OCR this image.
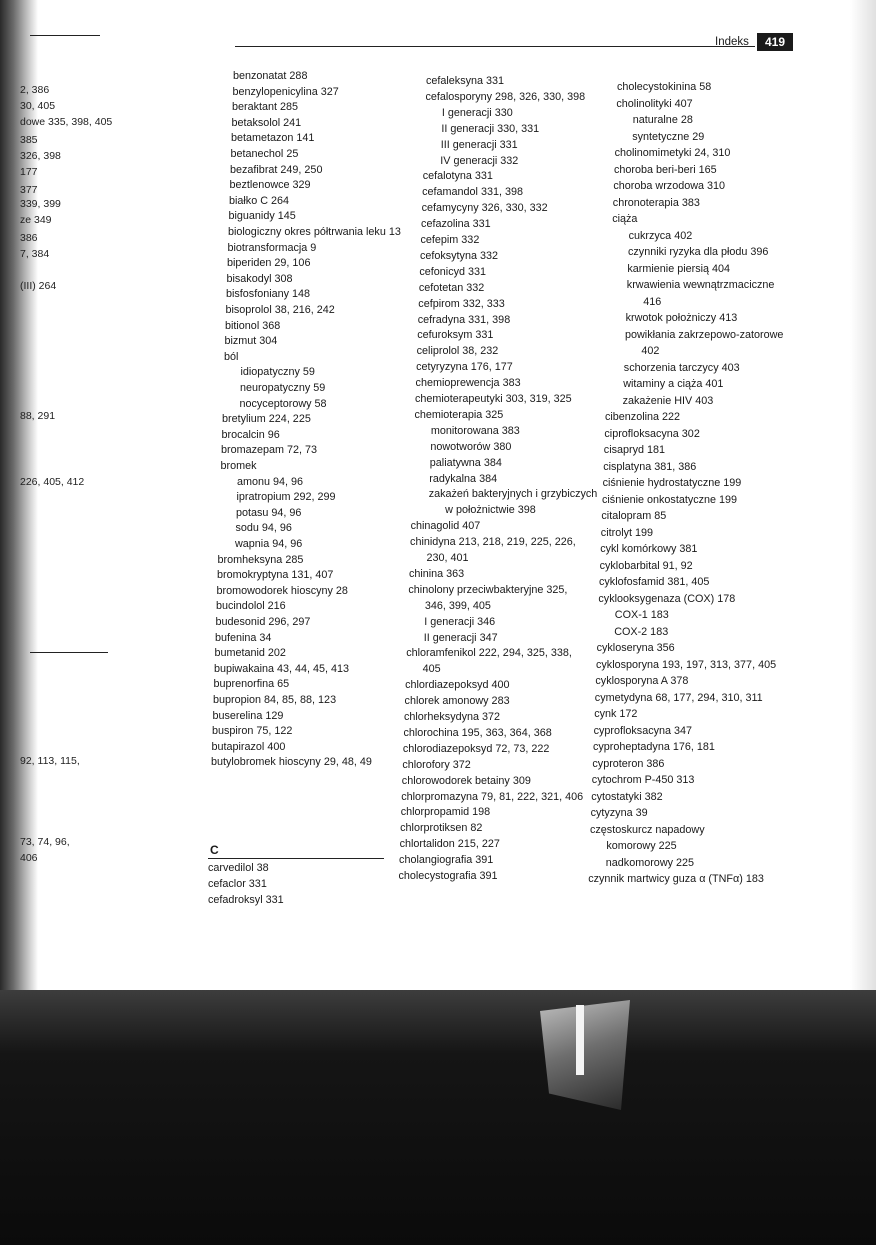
2, 386
30, 405
dowe 335, 398, 405
385
326, 398
177
377
339, 399
ze 349
386
7, 384
(III) 264
88, 291
226, 405, 412
92, 113, 115,
73, 74, 96,
406
Indeks	419
benzonatat 288
benzylopenicylina 327
beraktant 285
betaksolol 241
betametazon 141
betanechol 25
bezafibrat 249, 250
beztlenowce 329
białko C 264
biguanidy 145
biologiczny okres półtrwania leku 13
biotransformacja 9
biperiden 29, 106
bisakodyl 308
bisfosfoniany 148
bisoprolol 38, 216, 242
bitionol 368
bizmut 304
ból
idiopatyczny 59
neuropatyczny 59
nocyceptorowy 58
bretylium 224, 225
brocalcin 96
bromazepam 72, 73
bromek
amonu 94, 96
ipratropium 292, 299
potasu 94, 96
sodu 94, 96
wapnia 94, 96
bromheksyna 285
bromokryptyna 131, 407
bromowodorek hioscyny 28
bucindolol 216
budesonid 296, 297
bufenina 34
bumetanid 202
bupiwakaina 43, 44, 45, 413
buprenorfina 65
bupropion 84, 85, 88, 123
buserelina 129
buspiron 75, 122
butapirazol 400
butylobromek hioscyny 29, 48, 49
C
carvedilol 38
cefaclor 331
cefadroksyl 331
cefaleksyna 331
cefalosporyny 298, 326, 330, 398
I generacji 330
II generacji 330, 331
III generacji 331
IV generacji 332
cefalotyna 331
cefamandol 331, 398
cefamycyny 326, 330, 332
cefazolina 331
cefepim 332
cefoksytyna 332
cefonicyd 331
cefotetan 332
cefpirom 332, 333
cefradyna 331, 398
cefuroksym 331
celiprolol 38, 232
cetyryzyna 176, 177
chemioprewencja 383
chemioterapeutyki 303, 319, 325
chemioterapia 325
monitorowana 383
nowotworów 380
paliatywna 384
radykalna 384
zakażeń bakteryjnych i grzybiczych
w położnictwie 398
chinagolid 407
chinidyna 213, 218, 219, 225, 226,
230, 401
chinina 363
chinolony przeciwbakteryjne 325,
346, 399, 405
I generacji 346
II generacji 347
chloramfenikol 222, 294, 325, 338,
405
chlordiazepoksyd 400
chlorek amonowy 283
chlorheksydyna 372
chlorochina 195, 363, 364, 368
chlorodiazepoksyd 72, 73, 222
chlorofory 372
chlorowodorek betainy 309
chlorpromazyna 79, 81, 222, 321, 406
chlorpropamid 198
chlorprotiksen 82
chlortalidon 215, 227
cholangiografia 391
cholecystografia 391
cholecystokinina 58
cholinolityki 407
naturalne 28
syntetyczne 29
cholinomimetyki 24, 310
choroba beri-beri 165
choroba wrzodowa 310
chronoterapia 383
ciąża
cukrzyca 402
czynniki ryzyka dla płodu 396
karmienie piersią 404
krwawienia wewnątrzmaciczne
416
krwotok położniczy 413
powikłania zakrzepowo-zatorowe
402
schorzenia tarczycy 403
witaminy a ciąża 401
zakażenie HIV 403
cibenzolina 222
ciprofloksacyna 302
cisapryd 181
cisplatyna 381, 386
ciśnienie hydrostatyczne 199
ciśnienie onkostatyczne 199
citalopram 85
citrolyt 199
cykl komórkowy 381
cyklobarbital 91, 92
cyklofosfamid 381, 405
cyklooksygenaza (COX) 178
COX-1 183
COX-2 183
cykloseryna 356
cyklosporyna 193, 197, 313, 377, 405
cyklosporyna A 378
cymetydyna 68, 177, 294, 310, 311
cynk 172
cyprofloksacyna 347
cyproheptadyna 176, 181
cyproteron 386
cytochrom P-450 313
cytostatyki 382
cytyzyna 39
częstoskurcz napadowy
komorowy 225
nadkomorowy 225
czynnik martwicy guza α (TNFα) 183
